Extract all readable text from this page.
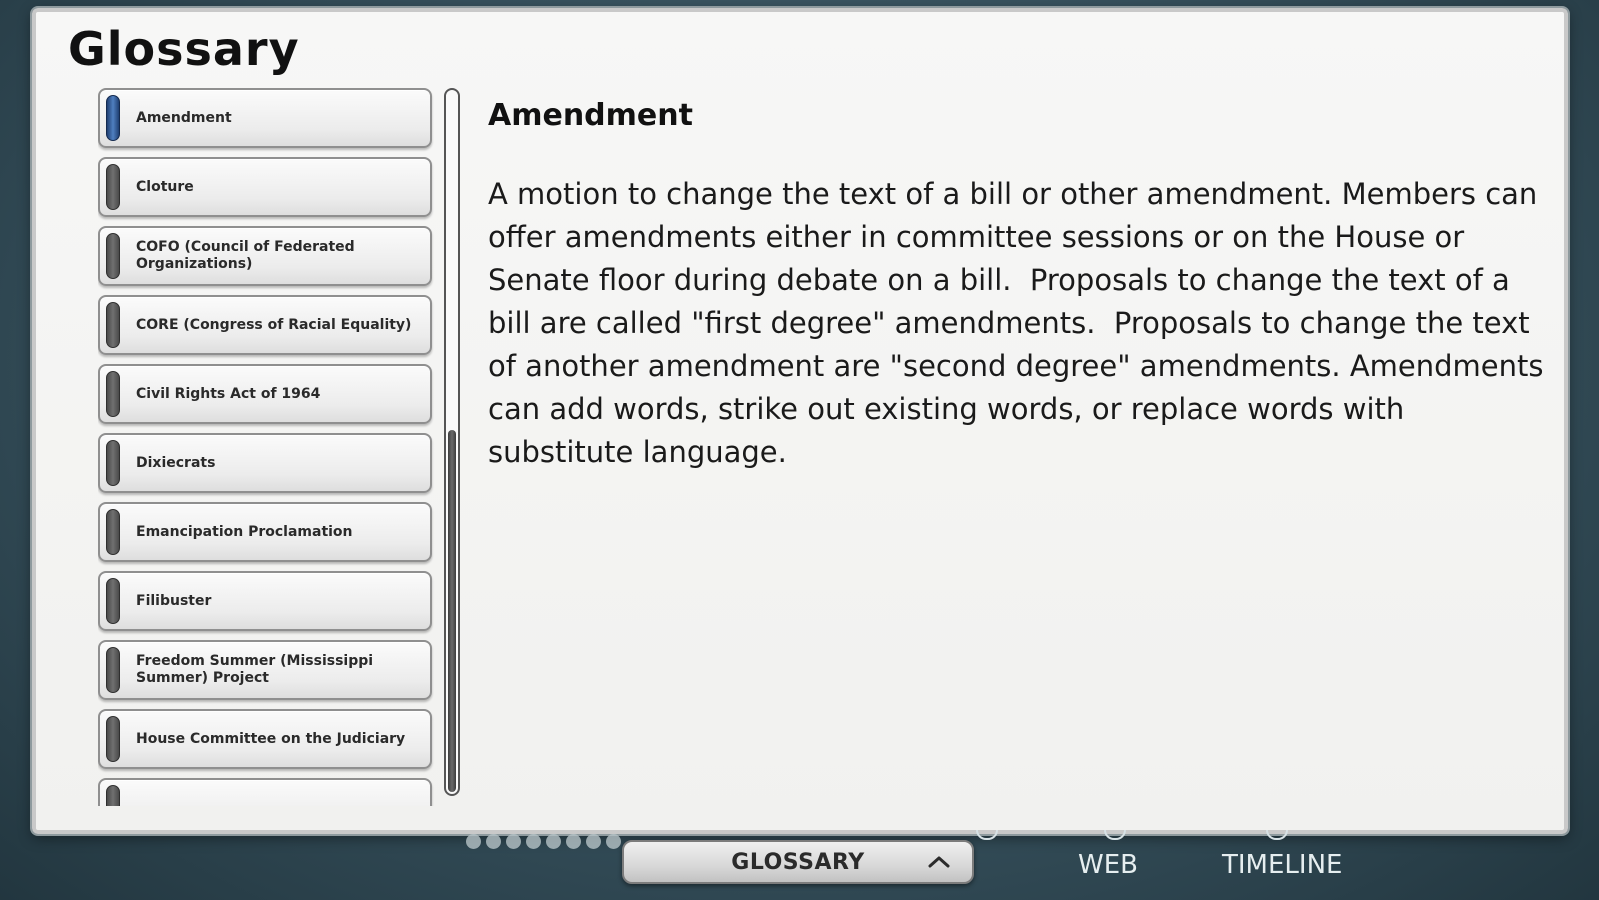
Glossary
Amendment
Cloture
COFO (Council of Federated Organizations)
CORE (Congress of Racial Equality)
Civil Rights Act of 1964
Dixiecrats
Emancipation Proclamation
Filibuster
Freedom Summer (Mississippi Summer) Project
House Committee on the Judiciary
Amendment

A motion to change the text of a bill or other amendment. Members can offer amendments either in committee sessions or on the House or Senate floor during debate on a bill.  Proposals to change the text of a bill are called "first degree" amendments.  Proposals to change the text of another amendment are "second degree" amendments. Amendments can add words, strike out existing words, or replace words with substitute language.

GLOSSARY	WEB	TIMELINE
